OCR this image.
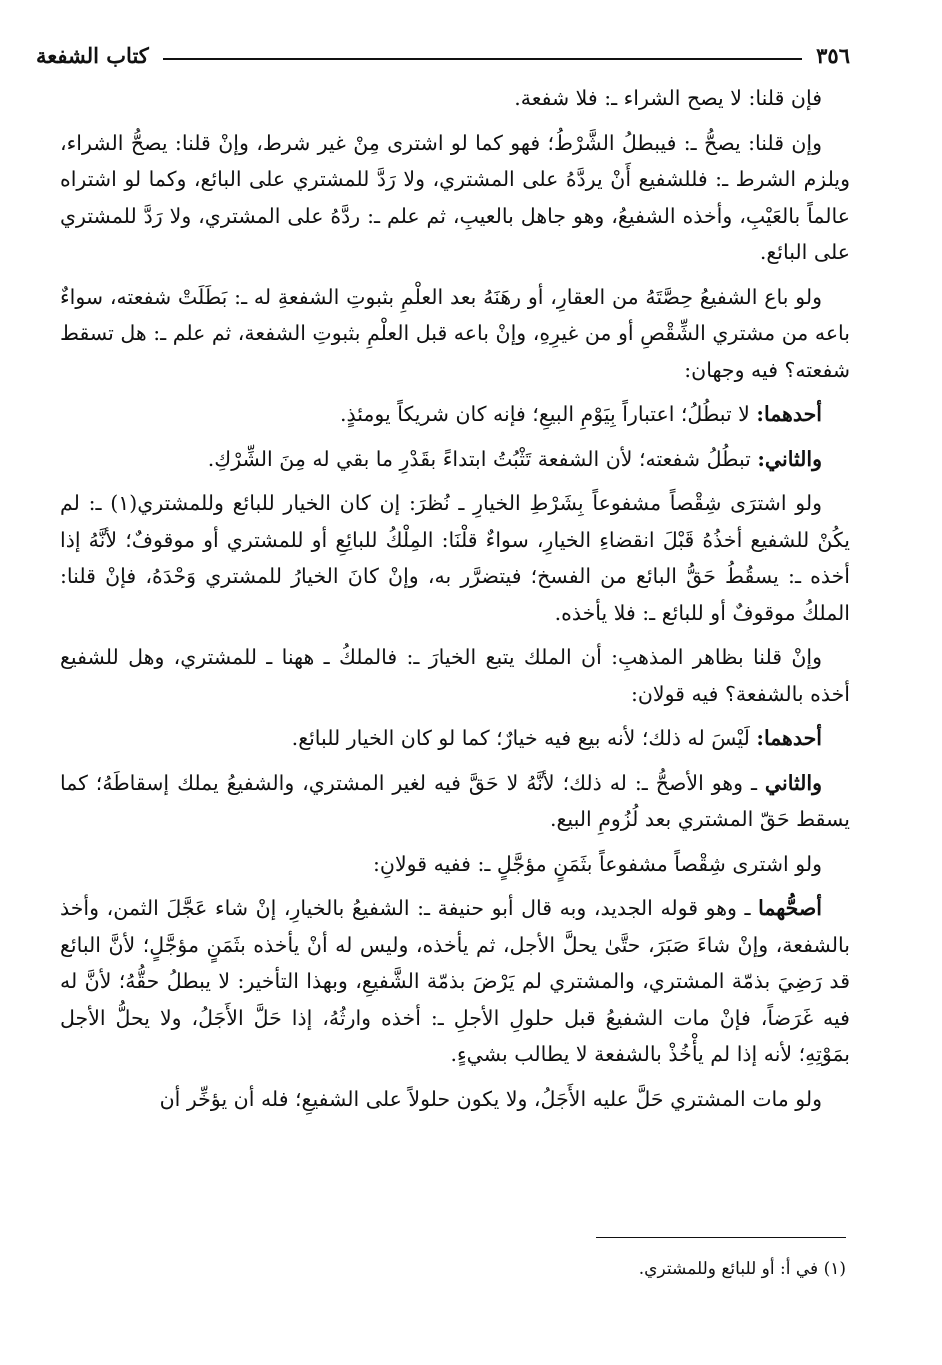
٣٥٦
كتاب الشفعة

فإن قلنا: لا يصح الشراء ـ: فلا شفعة.

وإن قلنا: يصحُّ ـ: فيبطلُ الشَّرْطُ؛ فهو كما لو اشترى مِنْ غير شرط، وإنْ قلنا: يصحُّ الشراء، ويلزم الشرط ـ: فللشفيع أَنْ يردَّهُ على المشتري، ولا رَدَّ للمشتري على البائع، وكما لو اشتراه عالماً بالعَيْبِ، وأخذه الشفيعُ، وهو جاهل بالعيبِ، ثم علم ـ: ردَّهُ على المشتري، ولا رَدَّ للمشتري على البائع.

ولو باع الشفيعُ حِصَّتَهُ من العقارِ، أو رهَنَهُ بعد العلْمِ بثبوتِ الشفعةِ له ـ: بَطَلَتْ شفعته، سواءٌ باعه من مشتري الشِّقْصِ أو من غيرِهِ، وإنْ باعه قبل العلْمِ بثبوتِ الشفعة، ثم علم ـ: هل تسقط شفعته؟ فيه وجهان:

أحدهما: لا تبطُلُ؛ اعتباراً بِيَوْمِ البيعِ؛ فإنه كان شريكاً يومئذٍ.

والثاني: تبطُلُ شفعته؛ لأن الشفعة تَثْبُتُ ابتداءً بقَدْرِ ما بقي له مِنَ الشِّرْكِ.

ولو اشترَى شِقْصاً مشفوعاً بِشَرْطِ الخيارِ ـ نُظرَ: إن كان الخيار للبائع وللمشتري(١) ـ: لم يكُنْ للشفيع أخذُهُ قَبْلَ انقضاءِ الخيارِ، سواءٌ قلْنَا: المِلْكُ للبائِعِ أو للمشتري أو موقوفٌ؛ لأنَّهُ إذا أخذه ـ: يسقُطُ حَقُّ البائع من الفسخ؛ فيتضرَّر به، وإنْ كانَ الخيارُ للمشتري وَحْدَهُ، فإنْ قلنا: الملكُ موقوفٌ أو للبائع ـ: فلا يأخذه.

وإنْ قلنا بظاهر المذهبِ: أن الملك يتبع الخيارَ ـ: فالملكُ ـ ههنا ـ للمشتري، وهل للشفيع أخذه بالشفعة؟ فيه قولان:

أحدهما: لَيْسَ له ذلك؛ لأنه بيع فيه خيارٌ؛ كما لو كان الخيار للبائع.

والثاني ـ وهو الأصحُّ ـ: له ذلك؛ لأنَّهُ لا حَقَّ فيه لغير المشتري، والشفيعُ يملك إسقاطَهُ؛ كما يسقط حَقّ المشتري بعد لُزُومِ البيع.

ولو اشترى شِقْصاً مشفوعاً بثَمَنٍ مؤجَّلٍ ـ: ففيه قولانِ:

أصحُّهما ـ وهو قوله الجديد، وبه قال أبو حنيفة ـ: الشفيعُ بالخيارِ، إنْ شاء عَجَّلَ الثمن، وأخذ بالشفعة، وإنْ شاءَ صَبَرَ، حتَّىٰ يحلَّ الأجل، ثم يأخذه، وليس له أنْ يأخذه بثَمَنٍ مؤجَّلٍ؛ لأنَّ البائع قد رَضِيَ بذمّة المشتري، والمشتري لم يَرْضَ بذمّة الشَّفيعِ، وبهذا التأخير: لا يبطلُ حقُّهُ؛ لأنَّ له فيه غَرَضاً، فإنْ مات الشفيعُ قبل حلولِ الأجلِ ـ: أخذه وارثُهُ، إذا حَلَّ الأَجَلُ، ولا يحلُّ الأجل بمَوْتِهِ؛ لأنه إذا لم يأْخُذْ بالشفعة لا يطالب بشيءٍ.

ولو مات المشتري حَلَّ عليه الأَجَلُ، ولا يكون حلولاً على الشفيعِ؛ فله أن يؤخِّر أن

(١) في أ: أو للبائع وللمشتري.
